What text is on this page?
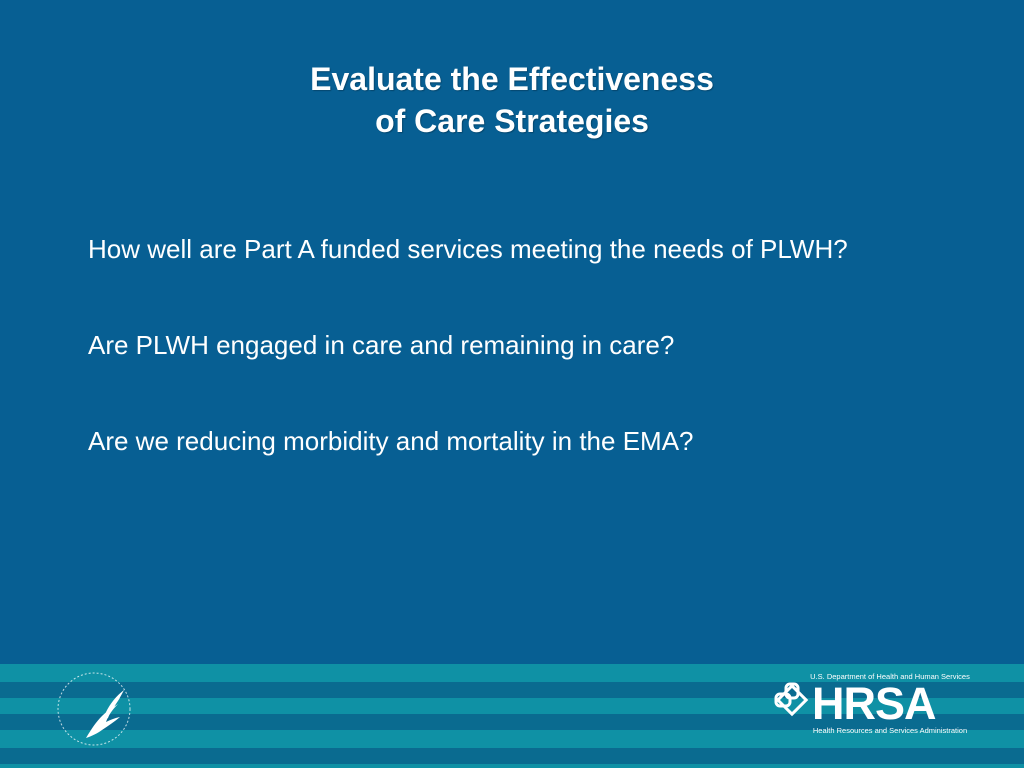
Evaluate the Effectiveness
of Care Strategies
How well are Part A funded services meeting the needs of PLWH?
Are PLWH engaged in care and remaining in care?
Are we reducing morbidity and mortality in the EMA?
U.S. Department of Health and Human Services
HRSA
Health Resources and Services Administration
